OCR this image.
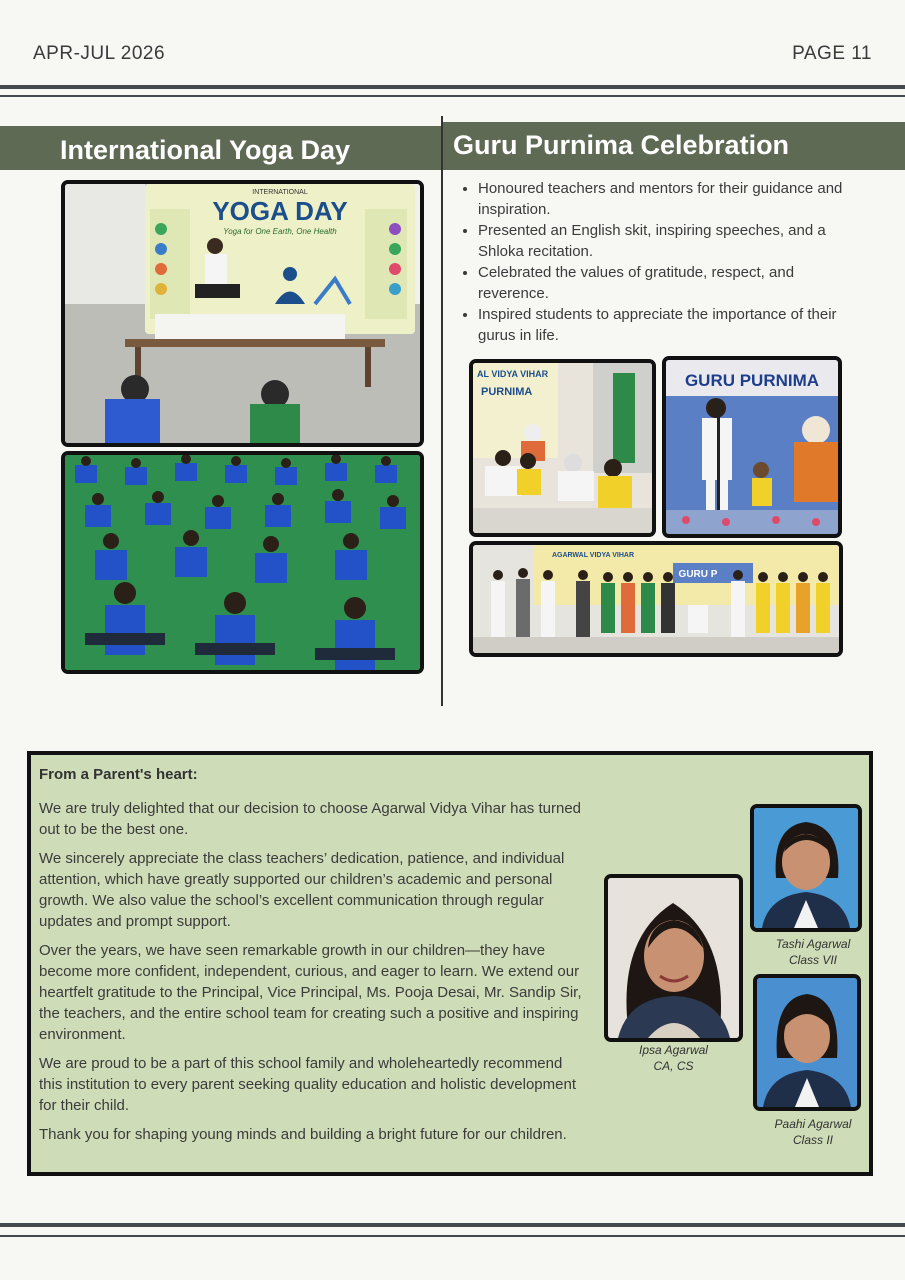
APR-JUL 2026	PAGE 11
International Yoga Day	Guru Purnima Celebration
INTERNATIONAL
YOGA DAY
Yoga for One Earth, One Health
• Honoured teachers and mentors for their guidance and inspiration.
• Presented an English skit, inspiring speeches, and a Shloka recitation.
• Celebrated the values of gratitude, respect, and reverence.
• Inspired students to appreciate the importance of their gurus in life.
AL VIDYA VIHAR
PURNIMA
GURU PURNIMA
AGARWAL VIDYA VIHAR
GURU P
From a Parent's heart:

We are truly delighted that our decision to choose Agarwal Vidya Vihar has turned out to be the best one.

We sincerely appreciate the class teachers’ dedication, patience, and individual attention, which have greatly supported our children’s academic and personal growth. We also value the school’s excellent communication through regular updates and prompt support.

Over the years, we have seen remarkable growth in our children—they have become more confident, independent, curious, and eager to learn. We extend our heartfelt gratitude to the Principal, Vice Principal, Ms. Pooja Desai, Mr. Sandip Sir, the teachers, and the entire school team for creating such a positive and inspiring environment.

We are proud to be a part of this school family and wholeheartedly recommend this institution to every parent seeking quality education and holistic development for their child.

Thank you for shaping young minds and building a bright future for our children.

Ipsa Agarwal
CA, CS
Tashi Agarwal
Class VII
Paahi Agarwal
Class II
